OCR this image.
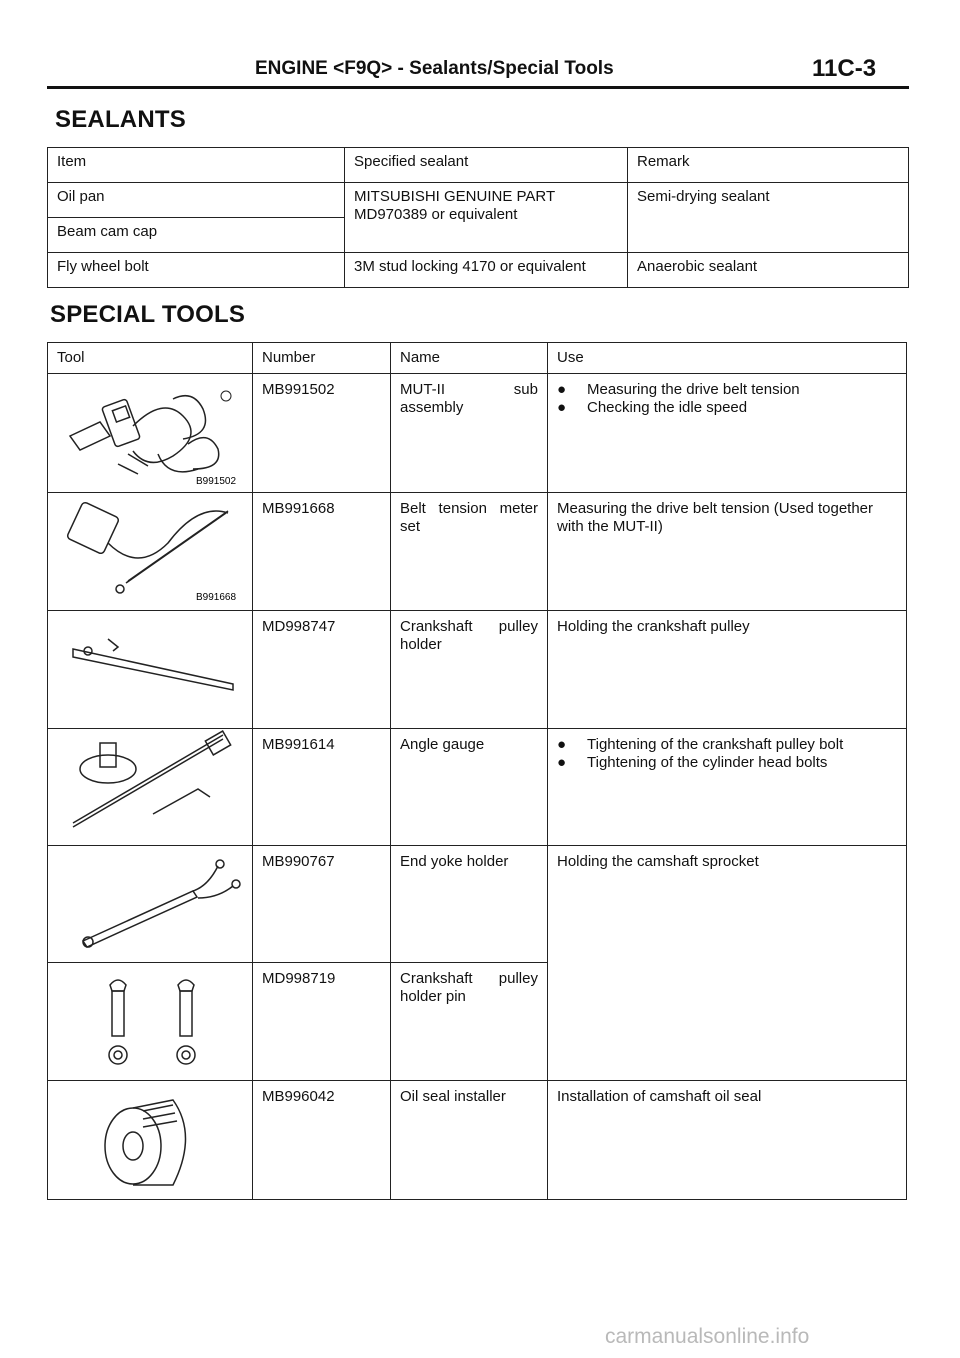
ENGINE <F9Q> - Sealants/Special Tools	11C-3
SEALANTS
Item	Specified sealant	Remark
Oil pan	MITSUBISHI GENUINE PART MD970389 or equivalent	Semi-drying sealant
Beam cam cap		
Fly wheel bolt	3M stud locking 4170 or equivalent	Anaerobic sealant
SPECIAL TOOLS
Tool	Number	Name	Use

B991502	MB991502	MUT-II sub assembly	● Measuring the drive belt tension
● Checking the idle speed

B991668	MB991668	Belt tension meter set	Measuring the drive belt tension (Used together with the MUT-II)

	MD998747	Crankshaft pulley holder	Holding the crankshaft pulley

	MB991614	Angle gauge	● Tightening of the crankshaft pulley bolt
● Tightening of the cylinder head bolts

	MB990767	End yoke holder	Holding the camshaft sprocket

	MD998719	Crankshaft pulley holder pin	

	MB996042	Oil seal installer	Installation of camshaft oil seal
carmanualsonline.info
